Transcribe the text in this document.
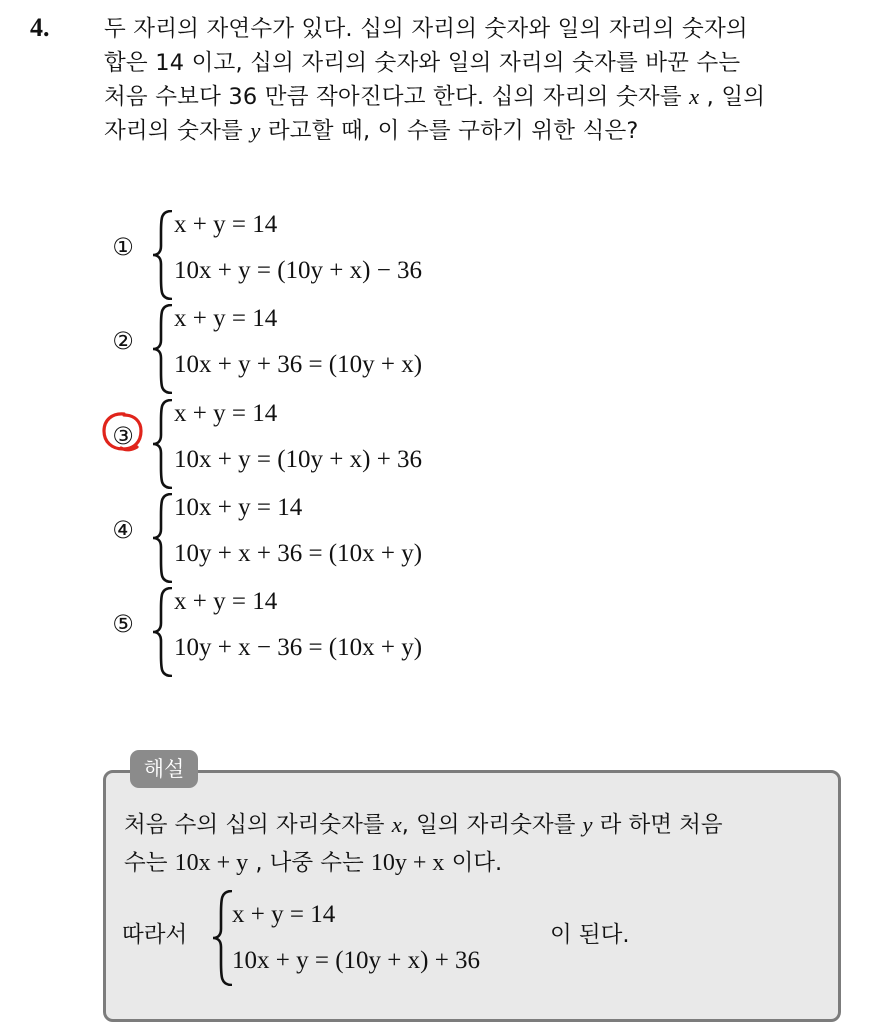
4. 두 자리의 자연수가 있다. 십의 자리의 숫자와 일의 자리의 숫자의
합은 14 이고, 십의 자리의 숫자와 일의 자리의 숫자를 바꾼 수는
처음 수보다 36 만큼 작아진다고 한다. 십의 자리의 숫자를 x , 일의
자리의 숫자를 y 라고할 때, 이 수를 구하기 위한 식은?

①
x + y = 14
10x + y = (10y + x) − 36
②
x + y = 14
10x + y + 36 = (10y + x)
③
x + y = 14
10x + y = (10y + x) + 36
④
10x + y = 14
10y + x + 36 = (10x + y)
⑤
x + y = 14
10y + x − 36 = (10x + y)
해설
처음 수의 십의 자리숫자를 x, 일의 자리숫자를 y 라 하면 처음
수는 10x + y , 나중 수는 10y + x 이다.
따라서
x + y = 14
10x + y = (10y + x) + 36
이 된다.
